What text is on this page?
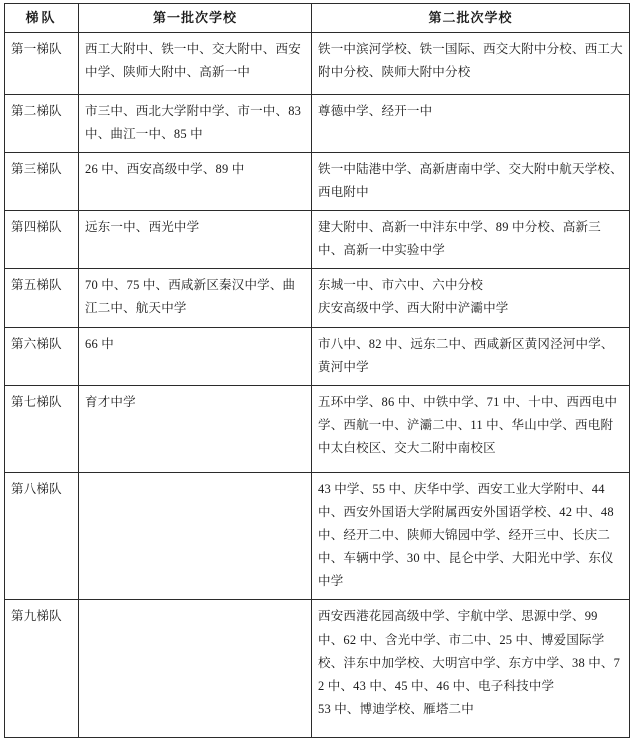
梯队	第一批次学校	第二批次学校
第一梯队	西工大附中、铁一中、交大附中、西安中学、陕师大附中、高新一中	铁一中滨河学校、铁一国际、西交大附中分校、西工大附中分校、陕师大附中分校

第二梯队	市三中、西北大学附中学、市一中、83 中、曲江一中、85 中	尊德中学、经开一中

第三梯队	26 中、西安高级中学、89 中	铁一中陆港中学、高新唐南中学、交大附中航天学校、西电附中

第四梯队	远东一中、西光中学	建大附中、高新一中沣东中学、89 中分校、高新三中、高新一中实验中学

第五梯队	70 中、75 中、西咸新区秦汉中学、曲江二中、航天中学	东城一中、市六中、六中分校
庆安高级中学、西大附中浐灞中学

第六梯队	66 中	市八中、82 中、远东二中、西咸新区黄冈泾河中学、黄河中学

第七梯队	育才中学	五环中学、86 中、中铁中学、71 中、十中、西西电中学、西航一中、浐灞二中、11 中、华山中学、西电附中太白校区、交大二附中南校区

第八梯队		43 中学、55 中、庆华中学、西安工业大学附中、44 中、西安外国语大学附属西安外国语学校、42 中、48 中、经开二中、陕师大锦园中学、经开三中、长庆二中、车辆中学、30 中、昆仑中学、大阳光中学、东仪中学

第九梯队		西安西港花园高级中学、宇航中学、思源中学、99 中、62 中、含光中学、市二中、25 中、博爱国际学校、沣东中加学校、大明宫中学、东方中学、38 中、72 中、43 中、45 中、46 中、电子科技中学
53 中、博迪学校、雁塔二中
